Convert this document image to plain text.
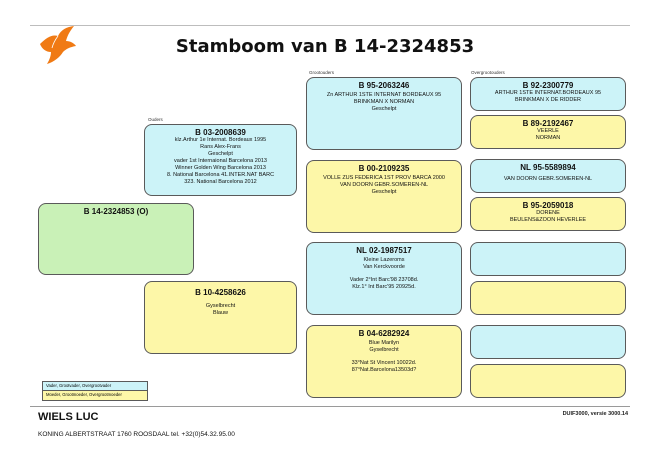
Stamboom van B 14-2324853
Ouders
Grootouders	Overgrootouders
B 14-2324853 (O)
B 03-2008639
klz.Arthur 1e Internat. Bordeaux 1995
Rans Alex-Frans
Geschelpt
vader 1st Internaional Barcelona 2013
Winner Golden Wing Barcelona 2013
8. National Barcelona 41.INTER.NAT BARC
323. National Barcelona 2012
B 10-4258626
Gyselbrecht
Blauw
B 95-2063246
Zn ARTHUR 1STE INTERNAT BORDEAUX 95
BRINKMAN X NORMAN
Geschelpt
B 00-2109235
VOLLE ZUS FEDERICA 1ST PROV BARCA 2000
VAN DOORN GEBR.SOMEREN-NL
Geschelpt
NL 02-1987517
Kleine Lazeroms
Van Kerckvoorde
Vader 2°Int Barc'98 23708d.
Klz.1° Int Barc'95 20925d.
B 04-6282924
Blue Marilyn
Gyselbrecht
33°Nat St Vincent 10022d.
87°Nat.Barcelona13503d?
B 92-2300779
ARTHUR 1STE INTERNAT.BORDEAUX 95
BRINKMAN X DE RIDDER
B 89-2192467
VEERLE
NORMAN
NL 95-5589894
VAN DOORN GEBR.SOMEREN-NL
B 95-2059018
DORENE
BEULENS&ZOON HEVERLEE
Vader, Grootvader, Overgrootvader
Moeder, Grootmoeder, Overgrootmoeder
WIELS LUC
KONING ALBERTSTRAAT 1760 ROOSDAAL tel. +32(0)54.32.95.00
DUIF3000, versie 3000.14
